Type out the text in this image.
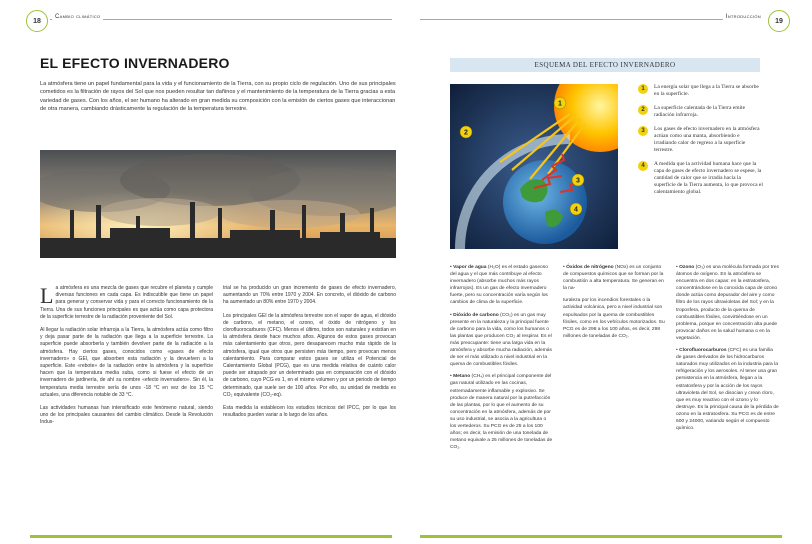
18
Cambio climático
EL EFECTO INVERNADERO

La atmósfera tiene un papel fundamental para la vida y el funcionamiento de la Tierra, con su propio ciclo de regulación. Uno de sus principales cometidos es la filtración de rayos del Sol que nos pueden resultar tan dañinos y el mantenimiento de la temperatura de la Tierra gracias a esta variedad de gases. Con los años, el ser humano ha alterado en gran medida su composición con la emisión de ciertos gases que interaccionan de otra manera, cambiando drásticamente la regulación de la temperatura terrestre.

La atmósfera es una mezcla de gases que recubre el planeta y cumple diversas funciones en cada capa. Es indiscutible que tiene un papel para generar y conservar vida y para el correcto funcionamiento de la Tierra. Una de sus funciones principales es que actúa como capa protectora de la superficie terrestre de la radiación proveniente del Sol.

Al llegar la radiación solar infrarroja a la Tierra, la atmósfera actúa como filtro y deja pasar parte de la radiación que llega a la superficie terrestre. La superficie puede absorberla y también devolver parte de la radiación a la atmósfera. Hay ciertos gases, conocidos como «gases de efecto invernadero» o GEI, que absorben esta radiación y la devuelven a la superficie. Este «rebote» de la radiación entre la atmósfera y la superficie hacen que la temperatura media suba, como si fuese el efecto de un invernadero de jardinería, de ahí su nombre «efecto invernadero». Sin él, la temperatura media terrestre sería de unos -18 °C en vez de los 15 °C actuales, una diferencia notable de 33 °C.

Las actividades humanas han intensificado este fenómeno natural, siendo uno de los principales causantes del cambio climático. Desde la Revolución Indus-

trial se ha producido un gran incremento de gases de efecto invernadero, aumentando un 70% entre 1970 y 2004. En concreto, el dióxido de carbono ha aumentado un 80% entre 1970 y 2004.

Los principales GEI de la atmósfera terrestre son el vapor de agua, el dióxido de carbono, el metano, el ozono, el óxido de nitrógeno y los clorofluorocarburos (CFC). Menos el último, todos son naturales y existían en la atmósfera desde hace muchos años. Algunos de estos gases provocan más calentamiento que otros, pero desaparecen mucho más rápido de la atmósfera, igual que otros que persisten más tiempo, pero provocan menos calentamiento. Para comparar estos gases se utiliza el Potencial de Calentamiento Global (PCG), que es una medida relativa de cuánto calor puede ser atrapado por un determinado gas en comparación con el dióxido de carbono, cuyo PCG es 1, en el mismo volumen y por un periodo de tiempo determinado, que suele ser de 100 años. Por ello, su unidad de medida es CO₂ equivalente (CO₂-eq).

Esta medida la establecen los estudios técnicos del IPCC, por lo que los resultados pueden variar a lo largo de los años.

Introducción
19
ESQUEMA DEL EFECTO INVERNADERO
1
2
3
4
1	La energía solar que llega a la Tierra se absorbe en la superficie.
2	La superficie calentada de la Tierra emite radiación infrarroja.
3	Los gases de efecto invernadero en la atmósfera actúan como una manta, absorbiendo e irradiando calor de regreso a la superficie terrestre.
4	A medida que la actividad humana hace que la capa de gases de efecto invernadero se espese, la cantidad de calor que se irradia hacia la superficie de la Tierra aumenta, lo que provoca el calentamiento global.

• Vapor de agua (H₂O) es el estado gaseoso del agua y el que más contribuye al efecto invernadero (absorbe muchos más rayos infrarrojos). Es un gas de efecto invernadero fuerte, pero su concentración varía según los cambios de clima de la superficie.

• Dióxido de carbono (CO₂) es un gas muy presente en la naturaleza y la principal fuente de carbono para la vida, como los humanos o las plantas que producen CO₂ al respirar. Es el más preocupante: tiene una larga vida en la atmósfera y absorbe mucha radiación, además de ser el más utilizado a nivel industrial en la quema de combustibles fósiles.

• Metano (CH₄) es el principal componente del gas natural utilizado en las cocinas, extremadamente inflamable y explosivo. Se produce de manera natural por la putrefacción de las plantas, por lo que el aumento de su concentración en la atmósfera, además de por su uso industrial, se asocia a la agricultura o los vertederos. Su PCG es de 25 a los 100 años; es decir, la emisión de una tonelada de metano equivale a 25 millones de toneladas de CO₂.

• Óxidos de nitrógeno (NOx) es un conjunto de compuestos químicos que se forman por la combustión a alta temperatura. Se generan en la na-

turaleza por los incendios forestales o la actividad volcánica, pero a nivel industrial son expulsados por la quema de combustibles fósiles, como en los vehículos motorizados. Su PCG es de 298 a los 100 años, es decir, 298 millones de toneladas de CO₂.

• Ozono (O₃) es una molécula formada por tres átomos de oxígeno. En la atmósfera se encuentra en dos capas: en la estratosfera, concentrándose en la conocida capa de ozono donde actúa como depurador del aire y como filtro de los rayos ultravioletas del Sol; y en la troposfera, producto de la quema de combustibles fósiles, convirtiéndose en un problema, porque en concentración alta puede provocar daños en la salud humana o en la vegetación.

• Clorofluorocarburos (CFC) es una familia de gases derivados de los hidrocarburos saturados muy utilizados en la industria para la refrigeración y los aerosoles. Al tener una gran persistencia en la atmósfera, llegan a la estratosfera y por la acción de los rayos ultravioleta del Sol, se disocian y crean cloro, que es muy reactivo con el ozono y lo destruye. Es la principal causa de la pérdida de ozono en la estratosfera. Su PCG es de entre 600 y 24000, variando según el compuesto químico.
